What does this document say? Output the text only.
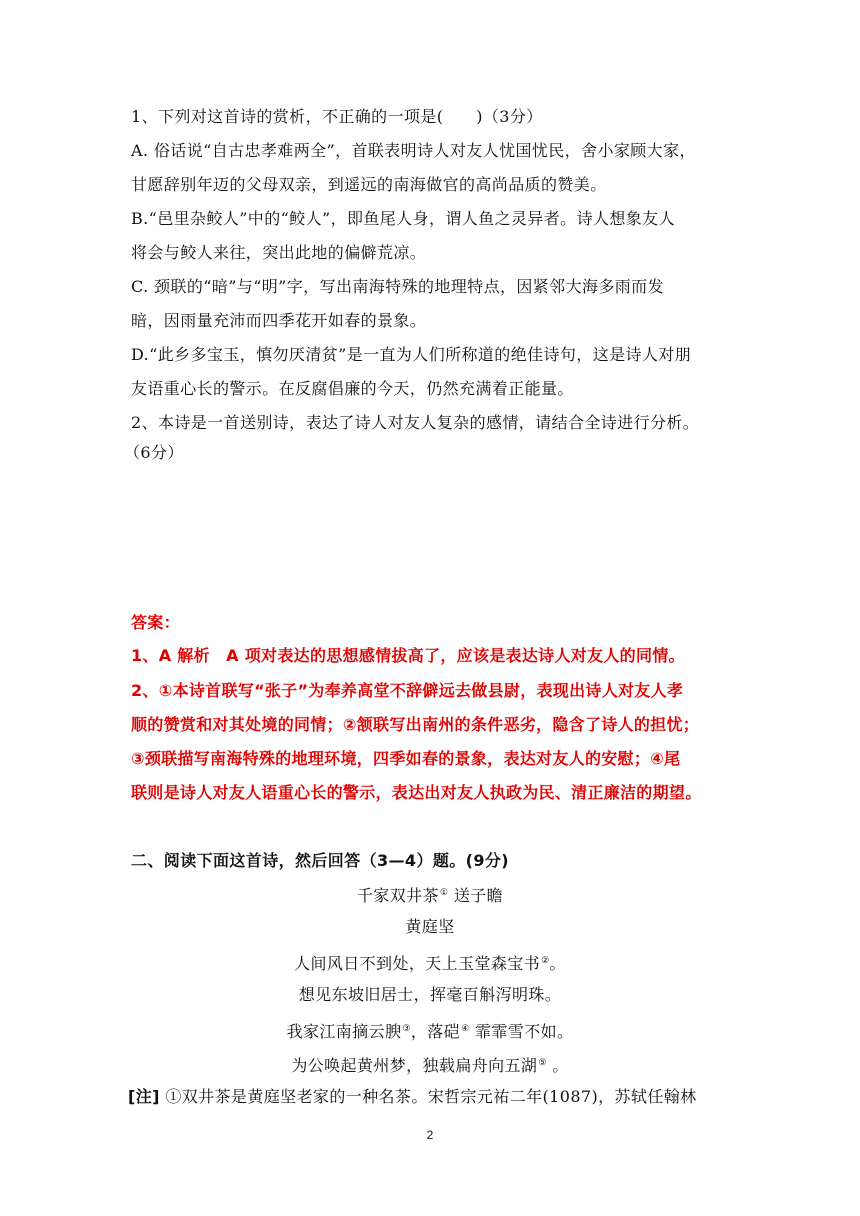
1、下列对这首诗的赏析，不正确的一项是(　　)（3分）
A. 俗话说“自古忠孝难两全”，首联表明诗人对友人忧国忧民，舍小家顾大家，
甘愿辞别年迈的父母双亲，到遥远的南海做官的高尚品质的赞美。
B.“邑里杂鲛人”中的“鲛人”，即鱼尾人身，谓人鱼之灵异者。诗人想象友人
将会与鲛人来往，突出此地的偏僻荒凉。
C. 颈联的“暗”与“明”字，写出南海特殊的地理特点，因紧邻大海多雨而发
暗，因雨量充沛而四季花开如春的景象。
D.“此乡多宝玉，慎勿厌清贫”是一直为人们所称道的绝佳诗句，这是诗人对朋
友语重心长的警示。在反腐倡廉的今天，仍然充满着正能量。
2、本诗是一首送别诗，表达了诗人对友人复杂的感情，请结合全诗进行分析。
（6分）
答案：
1、A 解析　A 项对表达的思想感情拔高了，应该是表达诗人对友人的同情。
2、①本诗首联写“张子”为奉养高堂不辞僻远去做县尉，表现出诗人对友人孝
顺的赞赏和对其处境的同情；②颔联写出南州的条件恶劣，隐含了诗人的担忧；
③颈联描写南海特殊的地理环境，四季如春的景象，表达对友人的安慰；④尾
联则是诗人对友人语重心长的警示，表达出对友人执政为民、清正廉洁的期望。
二、阅读下面这首诗，然后回答（3—4）题。(9分)
千家双井茶① 送子瞻
黄庭坚
人间风日不到处，天上玉堂森宝书②。
想见东坡旧居士，挥毫百斛泻明珠。
我家江南摘云腴③，落硙④ 霏霏雪不如。
为公唤起黄州梦，独载扁舟向五湖⑤ 。
[注] ①双井茶是黄庭坚老家的一种名茶。宋哲宗元祐二年(1087)，苏轼任翰林
2
